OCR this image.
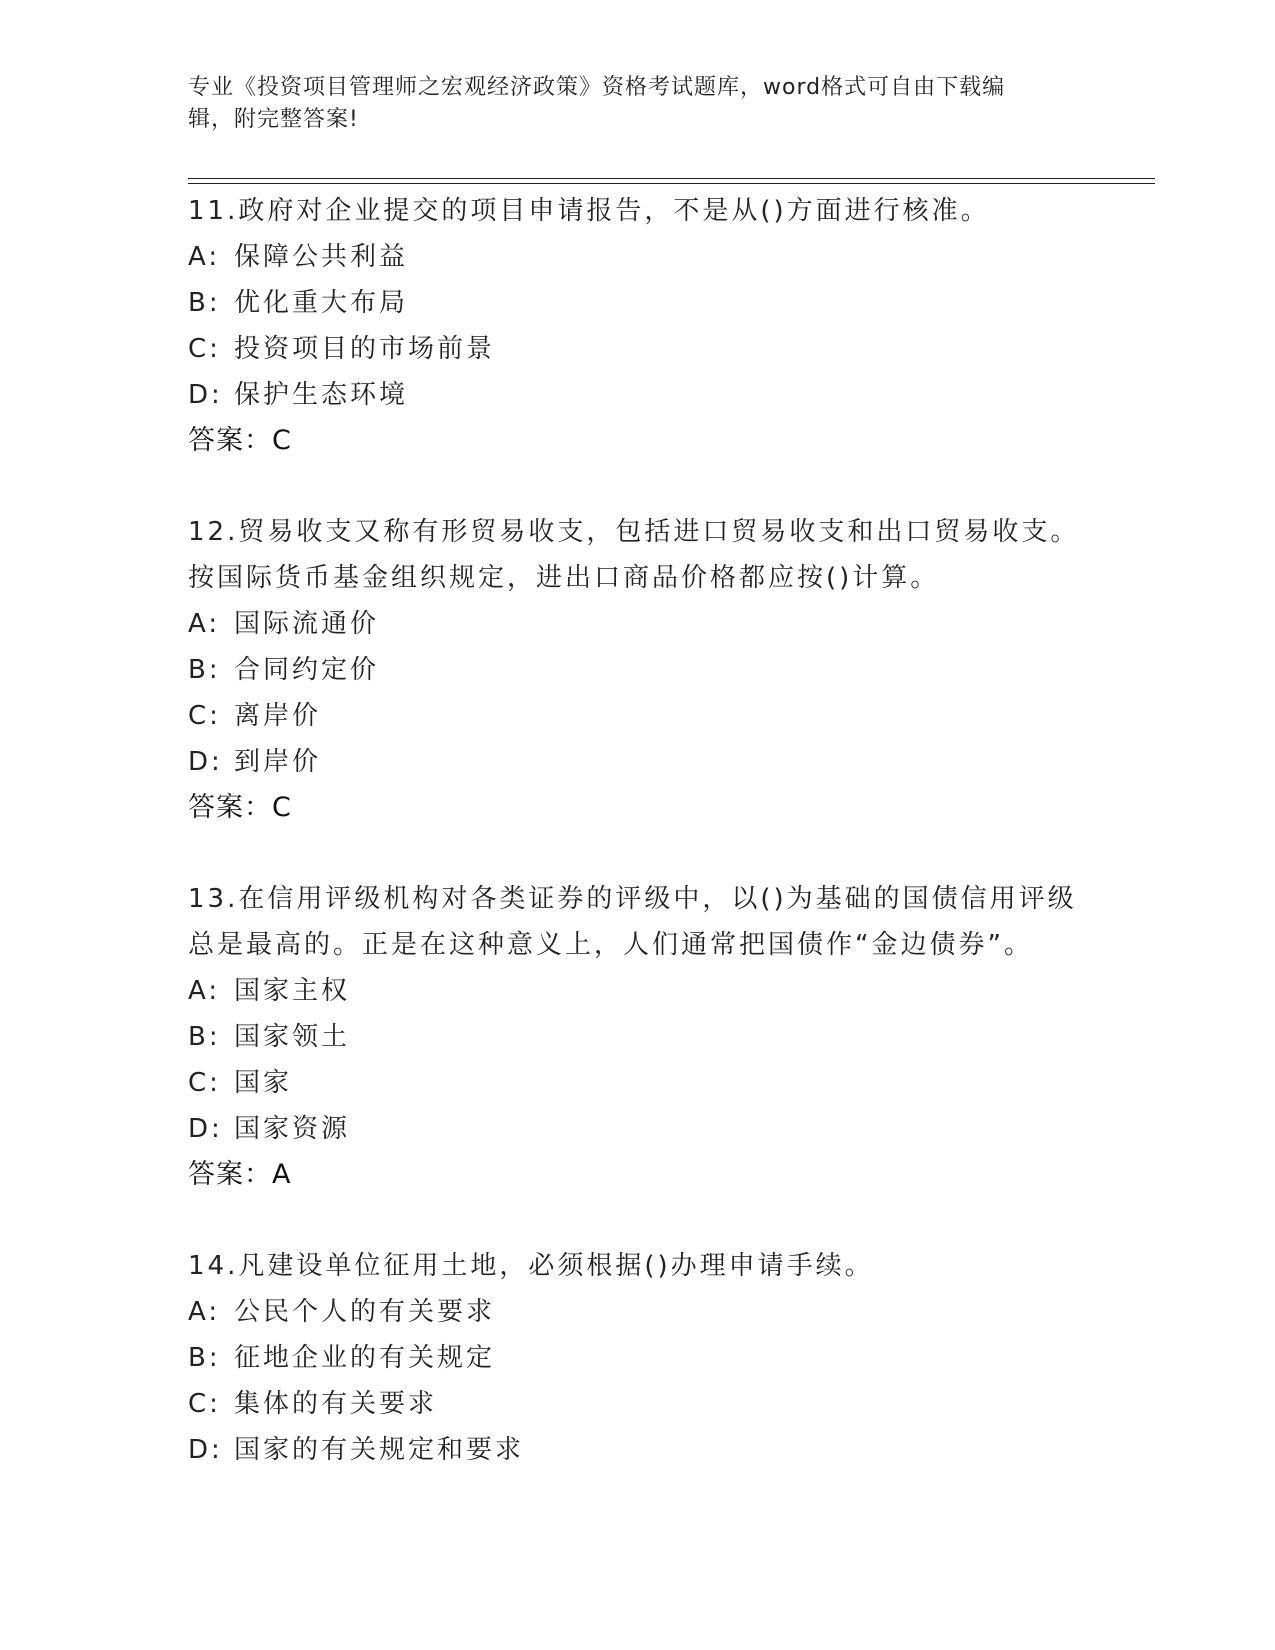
专业《投资项目管理师之宏观经济政策》资格考试题库，word格式可自由下载编
辑，附完整答案!
11.政府对企业提交的项目申请报告，不是从()方面进行核准。
A: 保障公共利益
B: 优化重大布局
C: 投资项目的市场前景
D: 保护生态环境
答案：C
12.贸易收支又称有形贸易收支，包括进口贸易收支和出口贸易收支。
按国际货币基金组织规定，进出口商品价格都应按()计算。
A: 国际流通价
B: 合同约定价
C: 离岸价
D: 到岸价
答案：C
13.在信用评级机构对各类证券的评级中，以()为基础的国债信用评级
总是最高的。正是在这种意义上，人们通常把国债作“金边债券”。
A: 国家主权
B: 国家领土
C: 国家
D: 国家资源
答案：A
14.凡建设单位征用土地，必须根据()办理申请手续。
A: 公民个人的有关要求
B: 征地企业的有关规定
C: 集体的有关要求
D: 国家的有关规定和要求
